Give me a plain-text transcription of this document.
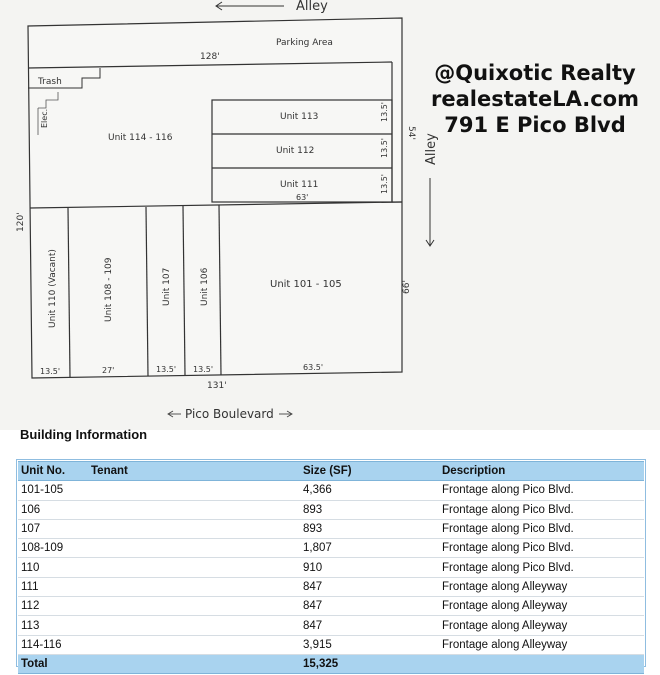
Alley
Parking Area
128'
Trash
Elec.
Unit 114 - 116
Unit 113
Unit 112
Unit 111
13.5'
13.5'
13.5'
63'
54'
120'
Unit 110 (Vacant)	Unit 108 - 109	Unit 107	Unit 106	Unit 101 - 105	66'
13.5'	27'	13.5' 13.5'	63.5'
131'
Alley
Pico Boulevard
@Quixotic Realty
realestateLA.com
791 E Pico Blvd
Building Information
Unit No.	Tenant	Size (SF)	Description
101-105		4,366	Frontage along Pico Blvd.
106		893	Frontage along Pico Blvd.
107		893	Frontage along Pico Blvd.
108-109		1,807	Frontage along Pico Blvd.
110		910	Frontage along Pico Blvd.
111		847	Frontage along Alleyway
112		847	Frontage along Alleyway
113		847	Frontage along Alleyway
114-116		3,915	Frontage along Alleyway
Total		15,325	
